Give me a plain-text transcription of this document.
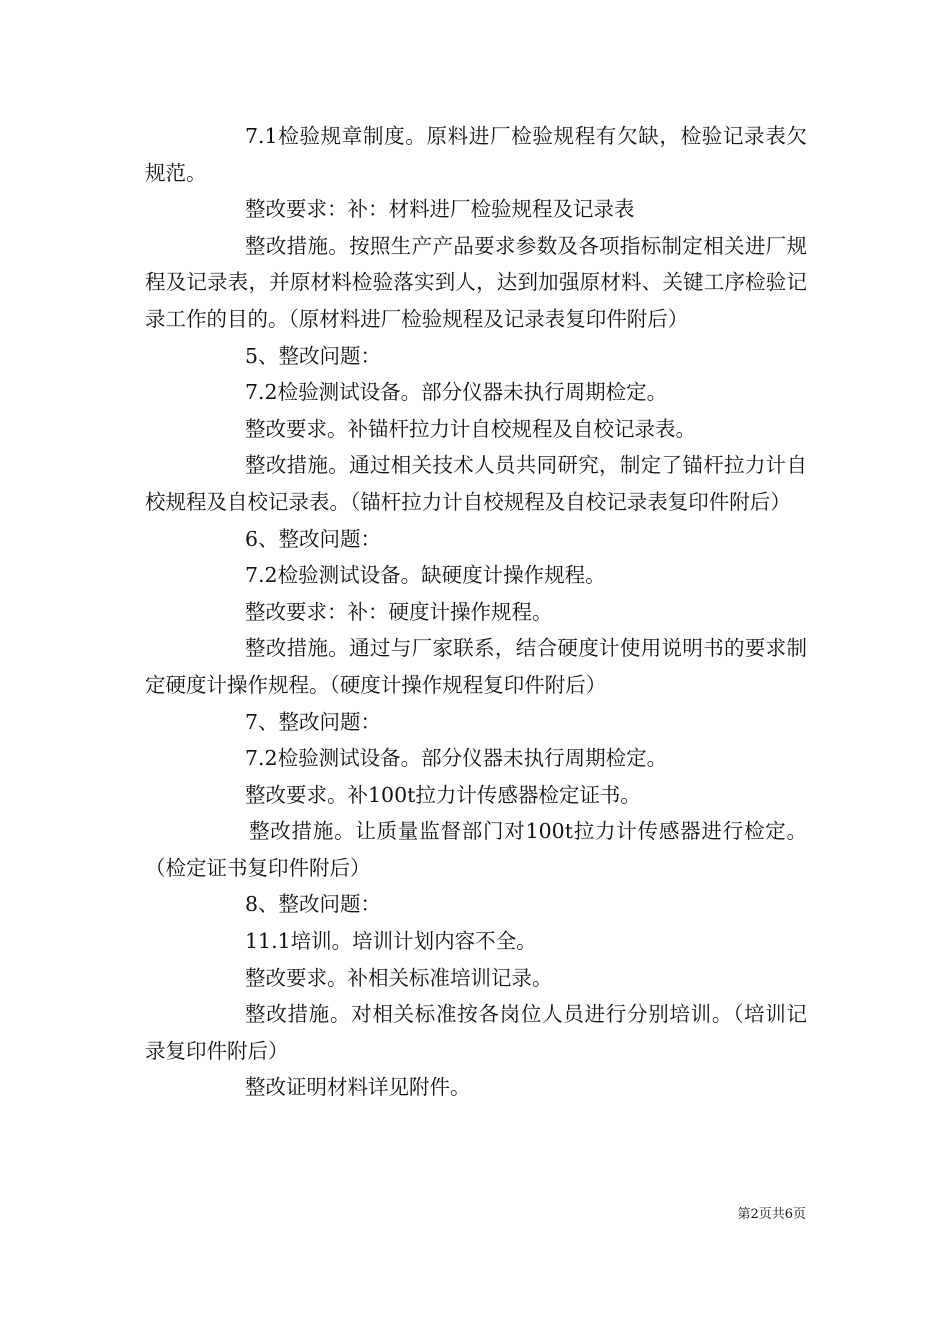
7.1检验规章制度。原料进厂检验规程有欠缺，检验记录表欠规范。

整改要求：补：材料进厂检验规程及记录表

整改措施。按照生产产品要求参数及各项指标制定相关进厂规程及记录表，并原材料检验落实到人，达到加强原材料、关键工序检验记录工作的目的。（原材料进厂检验规程及记录表复印件附后）

5、整改问题：

7.2检验测试设备。部分仪器未执行周期检定。

整改要求。补锚杆拉力计自校规程及自校记录表。

整改措施。通过相关技术人员共同研究，制定了锚杆拉力计自校规程及自校记录表。（锚杆拉力计自校规程及自校记录表复印件附后）

6、整改问题：

7.2检验测试设备。缺硬度计操作规程。

整改要求：补：硬度计操作规程。

整改措施。通过与厂家联系，结合硬度计使用说明书的要求制定硬度计操作规程。（硬度计操作规程复印件附后）

7、整改问题：

7.2检验测试设备。部分仪器未执行周期检定。

整改要求。补100t拉力计传感器检定证书。

整改措施。让质量监督部门对100t拉力计传感器进行检定。（检定证书复印件附后）

8、整改问题：

11.1培训。培训计划内容不全。

整改要求。补相关标准培训记录。

整改措施。对相关标准按各岗位人员进行分别培训。（培训记录复印件附后）

整改证明材料详见附件。

第2页共6页
